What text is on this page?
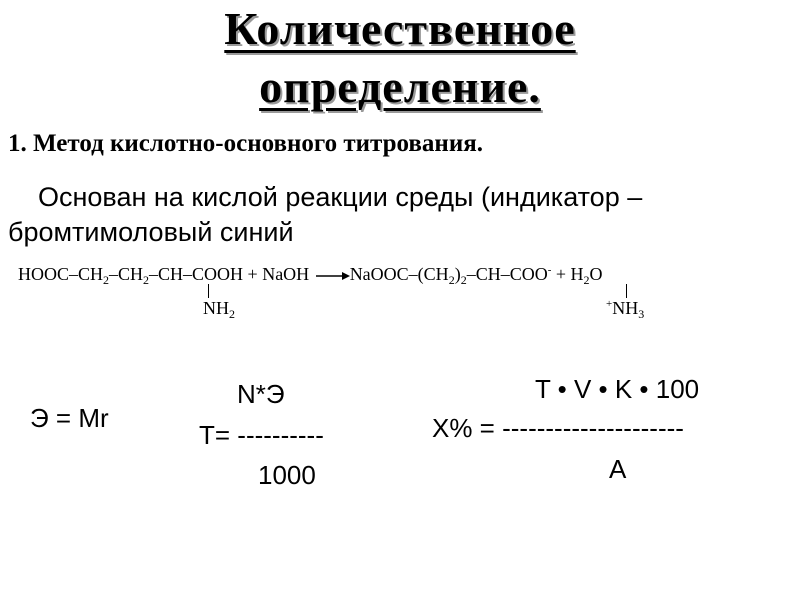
Количественное
определение.
1. Метод кислотно-основного титрования.
Основан на кислой реакции среды (индикатор –
бромтимоловый синий
HOOC–$CH_2-CH_2-CH$–COOH + NaOH $\to NaOOC-(CH_2)_2-CH-COO^- + H_2O$
$NH_2$
$^+NH_3$
Э = Mr
N*Э
T= ----------
1000
T • V • K • 100
X% = ---------------------
A
